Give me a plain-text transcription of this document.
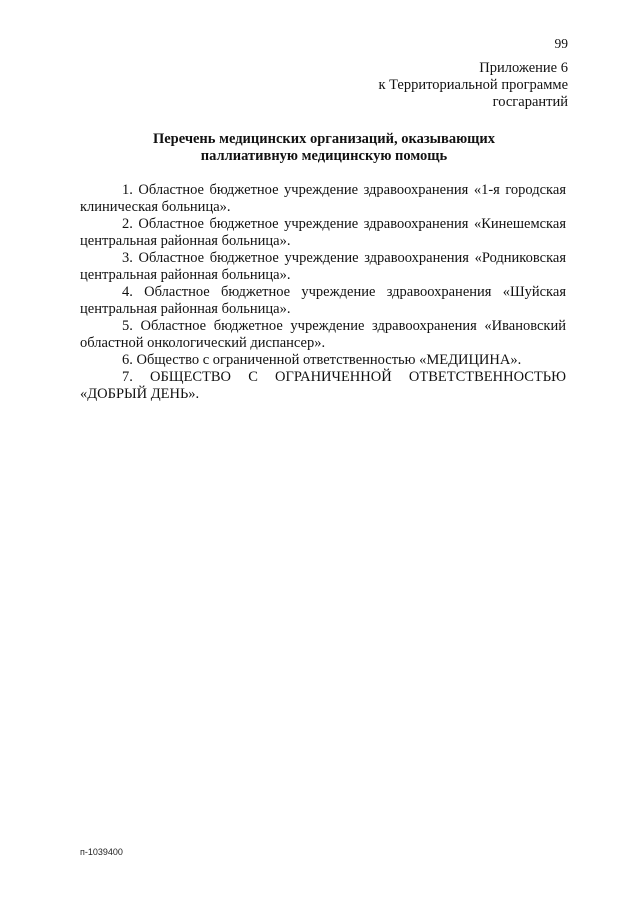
99
Приложение 6
к Территориальной программе
госгарантий
Перечень медицинских организаций, оказывающих
паллиативную медицинскую помощь

1. Областное бюджетное учреждение здравоохранения «1-я городская клиническая больница».

2. Областное бюджетное учреждение здравоохранения «Кинешемская центральная районная больница».

3. Областное бюджетное учреждение здравоохранения «Родниковская центральная районная больница».

4. Областное бюджетное учреждение здравоохранения «Шуйская центральная районная больница».

5. Областное бюджетное учреждение здравоохранения «Ивановский областной онкологический диспансер».

6. Общество с ограниченной ответственностью «МЕДИЦИНА».

7. ОБЩЕСТВО С ОГРАНИЧЕННОЙ ОТВЕТСТВЕННОСТЬЮ «ДОБРЫЙ ДЕНЬ».

п-1039400
